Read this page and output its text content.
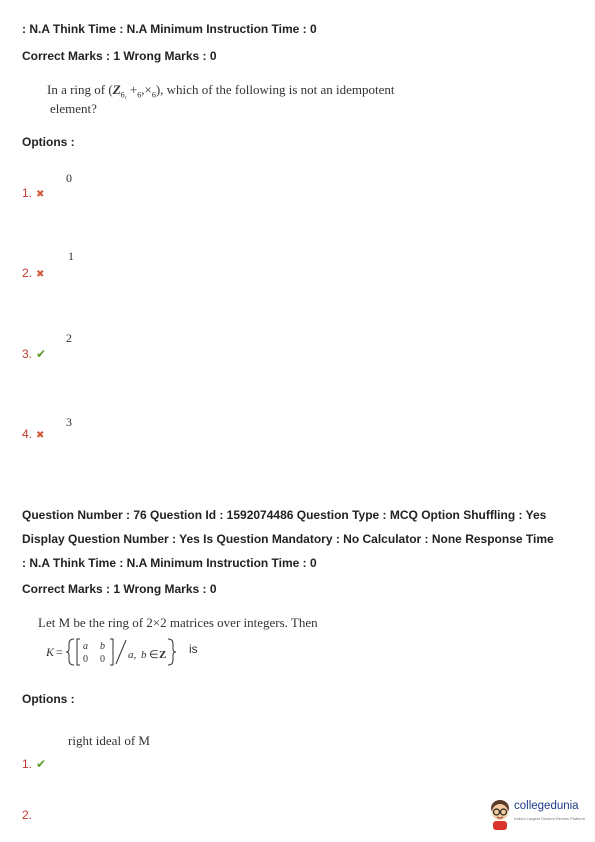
: N.A Think Time : N.A Minimum Instruction Time : 0
Correct Marks : 1 Wrong Marks : 0
In a ring of $(Z_{6,} +_6,\times_6)$, which of the following is not an idempotent
element?
Options :
0
1. ✖
1
2. ✖
2
3. ✔
3
4. ✖
Question Number : 76 Question Id : 1592074486 Question Type : MCQ Option Shuffling : Yes
Display Question Number : Yes Is Question Mandatory : No Calculator : None Response Time
: N.A Think Time : N.A Minimum Instruction Time : 0
Correct Marks : 1 Wrong Marks : 0
Let M be the ring of 2×2 matrices over integers. Then
K = a b
0 0 a, b ∈ Z is
Options :
right ideal of M
1. ✔
2.
collegedunia
India's Largest Student Review Platform
